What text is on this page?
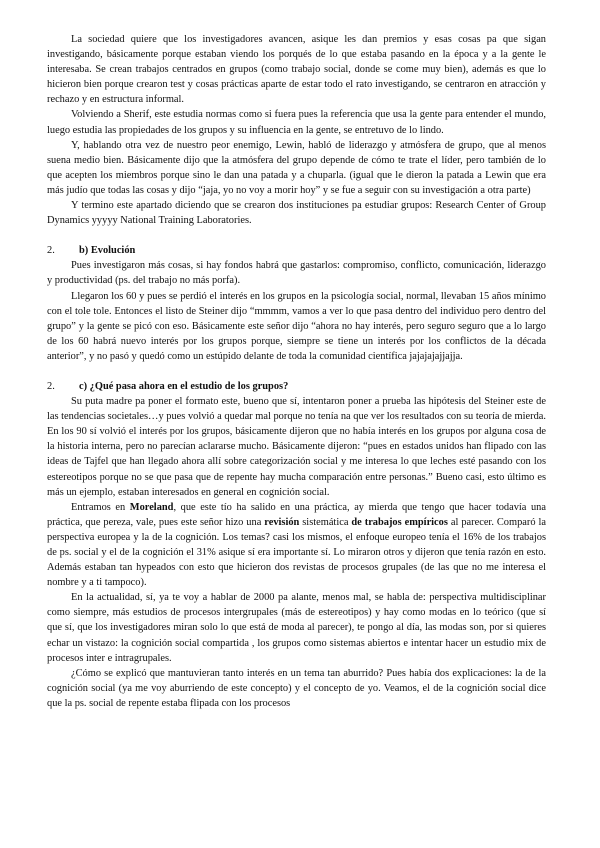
La sociedad quiere que los investigadores avancen, asique les dan premios y esas cosas pa que sigan investigando, básicamente porque estaban viendo los porqués de lo que estaba pasando en la época y a la gente le interesaba. Se crean trabajos centrados en grupos (como trabajo social, donde se come muy bien), además es que lo hicieron bien porque crearon test y cosas prácticas aparte de estar todo el rato investigando, se centraron en atracción y rechazo y en estructura informal.

Volviendo a Sherif, este estudia normas como si fuera pues la referencia que usa la gente para entender el mundo, luego estudia las propiedades de los grupos y su influencia en la gente, se entretuvo de lo lindo.

Y, hablando otra vez de nuestro peor enemigo, Lewin, habló de liderazgo y atmósfera de grupo, que al menos suena medio bien. Básicamente dijo que la atmósfera del grupo depende de cómo te trate el líder, pero también de lo que acepten los miembros porque sino le dan una patada y a chuparla. (igual que le dieron la patada a Lewin que era más judío que todas las cosas y dijo “jaja, yo no voy a morir hoy” y se fue a seguir con su investigación a otra parte)

Y termino este apartado diciendo que se crearon dos instituciones pa estudiar grupos: Research Center of Group Dynamics yyyyy National Training Laboratories.

2.	b) Evolución

Pues investigaron más cosas, si hay fondos habrá que gastarlos: compromiso, conflicto, comunicación, liderazgo y productividad (ps. del trabajo no más porfa).

Llegaron los 60 y pues se perdió el interés en los grupos en la psicología social, normal, llevaban 15 años mínimo con el tole tole. Entonces el listo de Steiner dijo “mmmm, vamos a ver lo que pasa dentro del individuo pero dentro del grupo” y la gente se picó con eso. Básicamente este señor dijo “ahora no hay interés, pero seguro seguro que a lo largo de los 60 habrá nuevo interés por los grupos porque, siempre se tiene un interés por los conflictos de la década anterior”, y no pasó y quedó como un estúpido delante de toda la comunidad científica jajajajajjajja.

2.	c) ¿Qué pasa ahora en el estudio de los grupos?

Su puta madre pa poner el formato este, bueno que sí, intentaron poner a prueba las hipótesis del Steiner este de las tendencias societales…y pues volvió a quedar mal porque no tenía na que ver los resultados con su teoría de mierda. En los 90 sí volvió el interés por los grupos, básicamente dijeron que no había interés en los grupos por alguna cosa de la historia interna, pero no parecían aclararse mucho. Básicamente dijeron: “pues en estados unidos han flipado con las ideas de Tajfel que han llegado ahora allí sobre categorización social y me interesa lo que leches esté pasando con los estereotipos porque no se que pasa que de repente hay mucha comparación entre personas.” Bueno casi, esto último es más un ejemplo, estaban interesados en general en cognición social.

Entramos en Moreland, que este tío ha salido en una práctica, ay mierda que tengo que hacer todavía una práctica, que pereza, vale, pues este señor hizo una revisión sistemática de trabajos empíricos al parecer. Comparó la perspectiva europea y la de la cognición. Los temas? casi los mismos, el enfoque europeo tenía el 16% de los trabajos de ps. social y el de la cognición el 31% asique sí era importante sí. Lo miraron otros y dijeron que tenía razón en esto. Además estaban tan hypeados con esto que hicieron dos revistas de procesos grupales (de las que no me interesa el nombre y a ti tampoco).

En la actualidad, sí, ya te voy a hablar de 2000 pa alante, menos mal, se habla de: perspectiva multidisciplinar como siempre, más estudios de procesos intergrupales (más de estereotipos) y hay como modas en lo teórico (que sí que sí, que los investigadores miran solo lo que está de moda al parecer), te pongo al día, las modas son, por si quieres echar un vistazo: la cognición social compartida , los grupos como sistemas abiertos e intentar hacer un estudio mix de procesos inter e intragrupales.

¿Cómo se explicó que mantuvieran tanto interés en un tema tan aburrido? Pues había dos explicaciones: la de la cognición social (ya me voy aburriendo de este concepto) y el concepto de yo. Veamos, el de la cognición social dice que la ps. social de repente estaba flipada con los procesos
